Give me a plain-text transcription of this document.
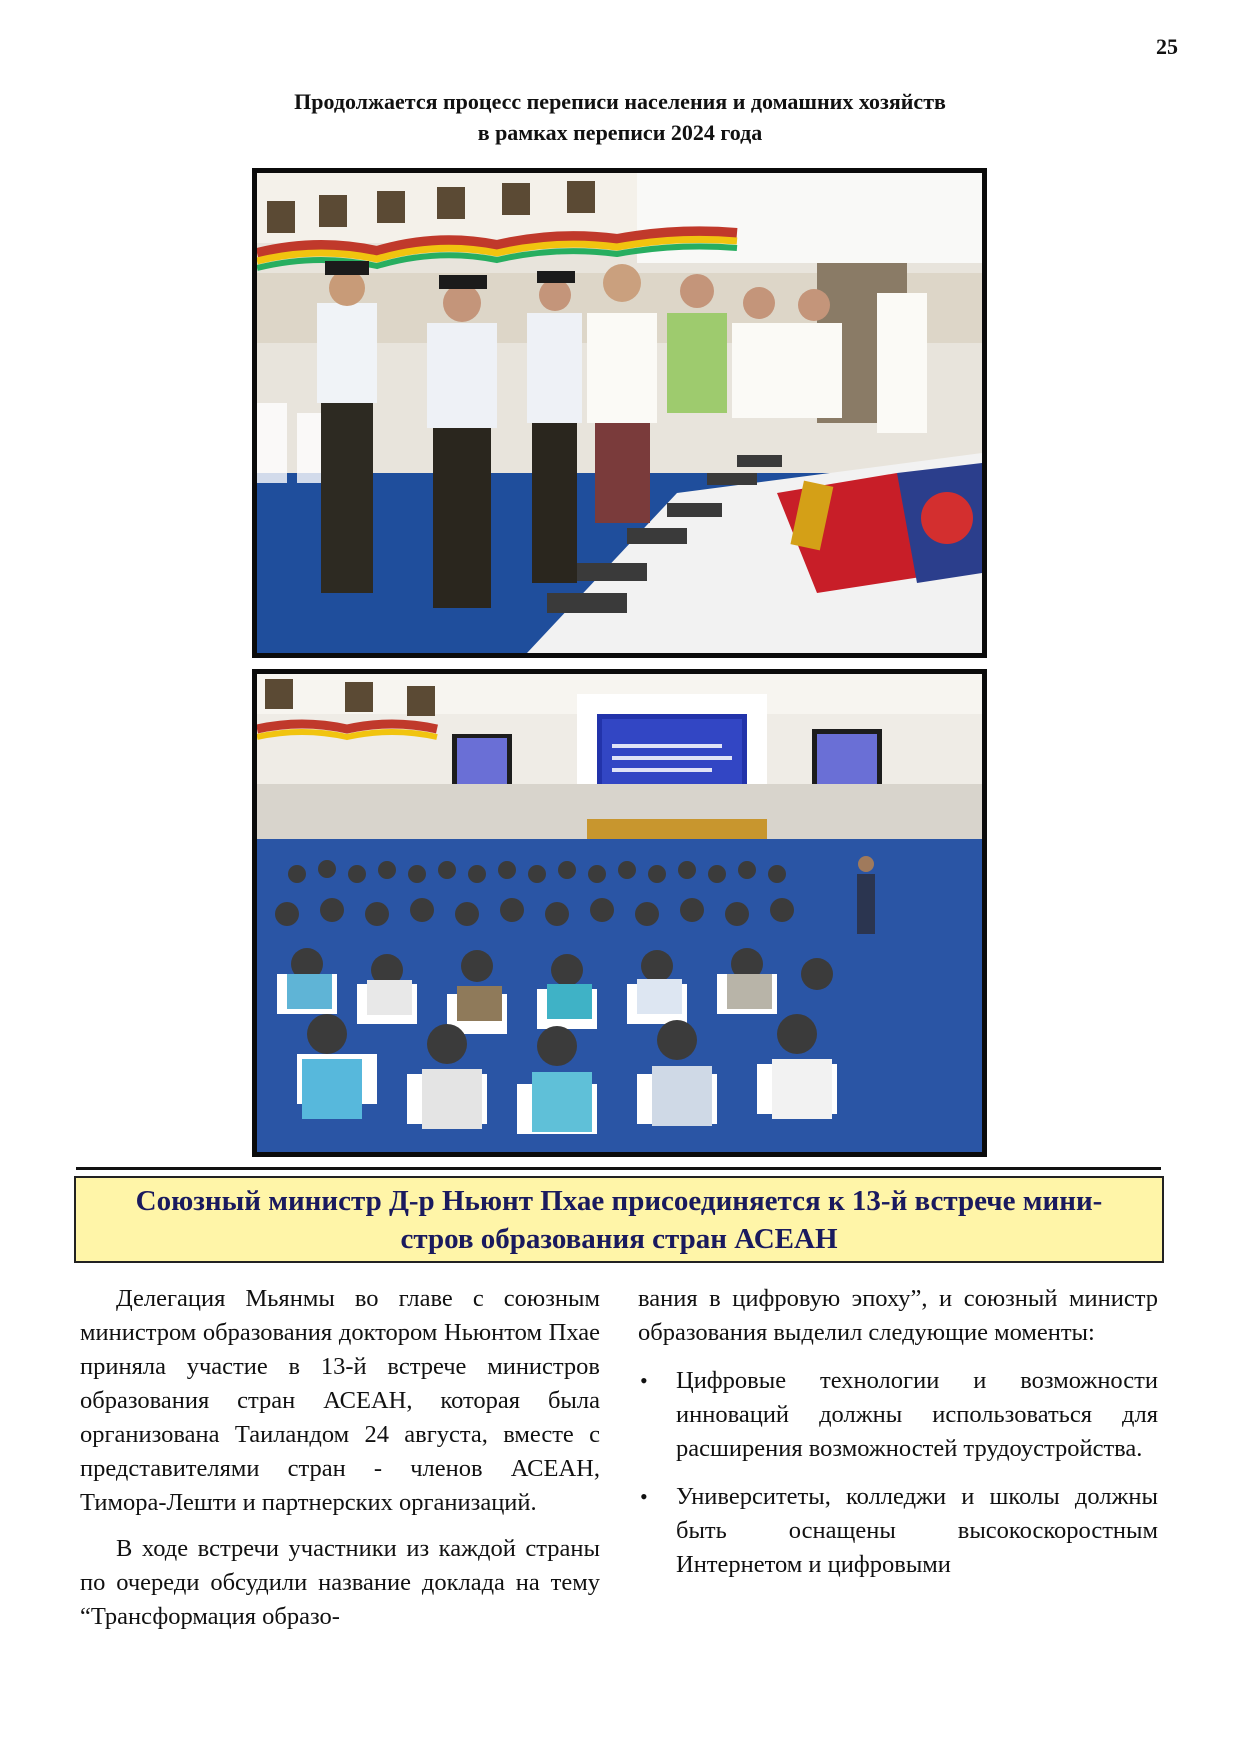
25
Продолжается процесс переписи населения и домашних хозяйств
в рамках переписи 2024 года
Союзный министр Д-р Ньюнт Пхае присоединяется к 13-й встрече мини-
стров образования стран АСЕАН

Делегация Мьянмы во главе с союзным министром образования доктором Ньюнтом Пхае приняла участие в 13-й встрече министров образования стран АСЕАН, которая была организована Таиландом 24 августа, вместе с представителями стран - членов АСЕАН, Тимора-Лешти и партнерских организаций.

В ходе встречи участники из каждой страны по очереди обсудили название доклада на тему “Трансформация образо-

вания в цифровую эпоху”, и союзный министр образования выделил следующие моменты:

• Цифровые технологии и возможности инноваций должны использоваться для расширения возможностей трудоустройства.
• Университеты, колледжи и школы должны быть оснащены высокоскоростным Интернетом и цифровыми
